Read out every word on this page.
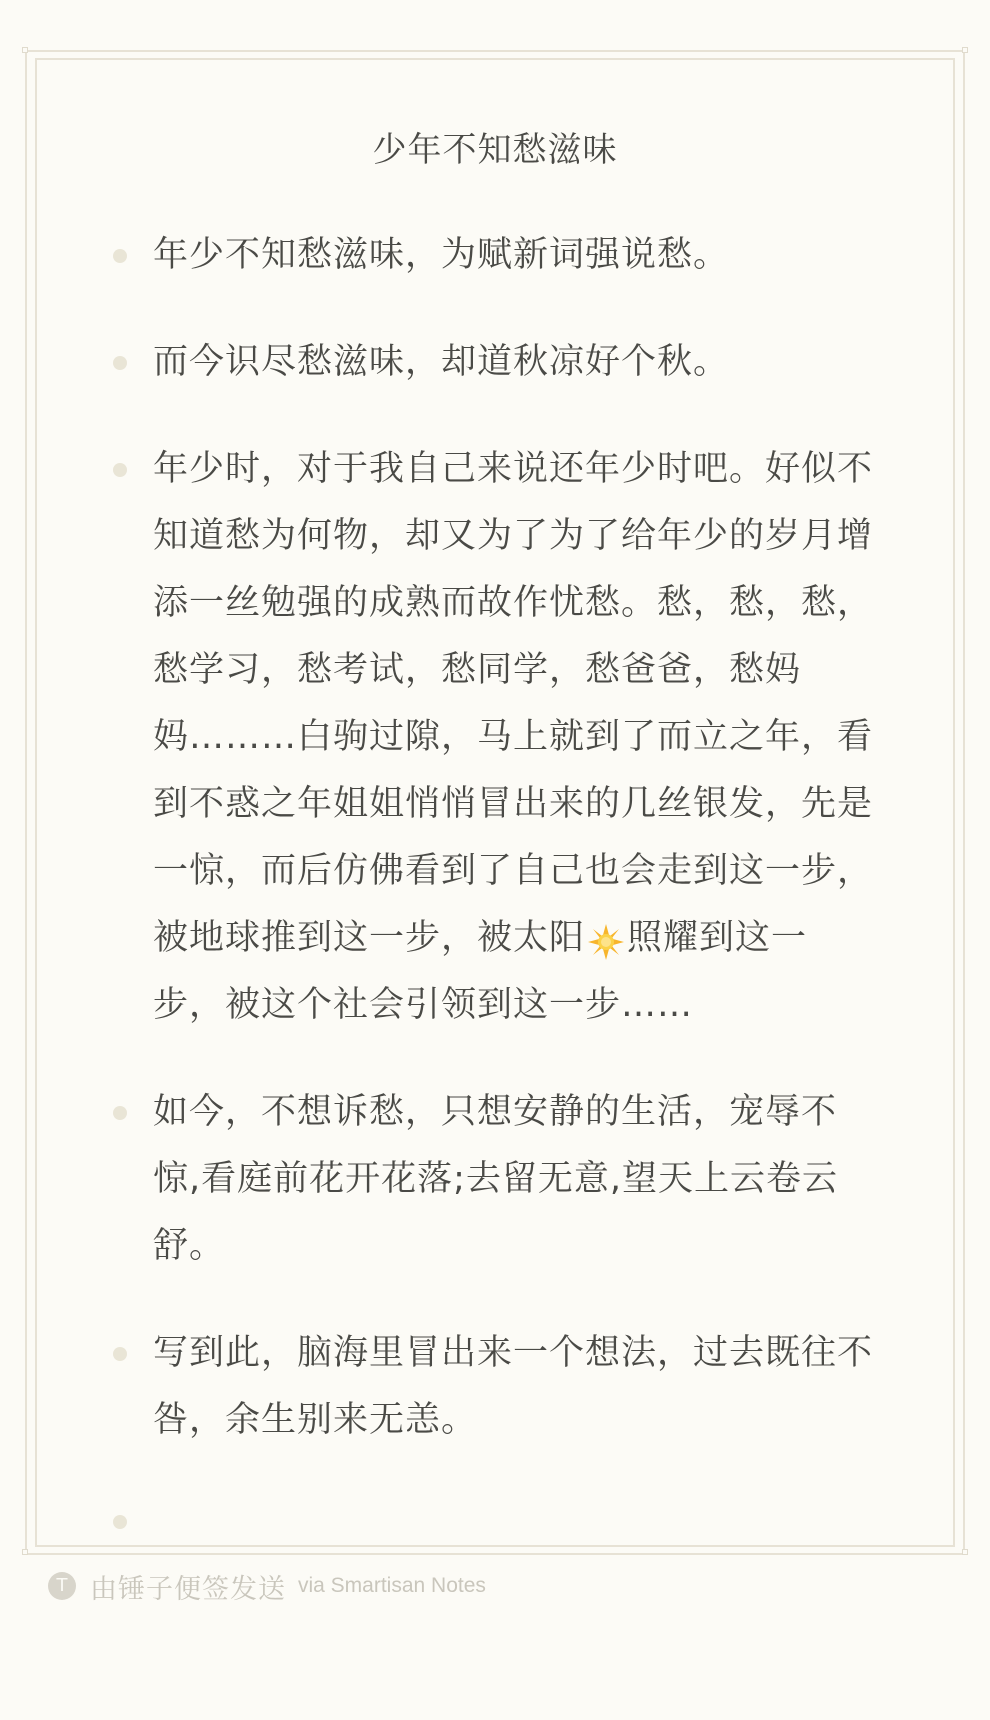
少年不知愁滋味
年少不知愁滋味，为赋新词强说愁。
而今识尽愁滋味，却道秋凉好个秋。
年少时，对于我自己来说还年少时吧。好似不知道愁为何物，却又为了为了给年少的岁月增添一丝勉强的成熟而故作忧愁。愁，愁，愁，愁学习，愁考试，愁同学，愁爸爸，愁妈妈………白驹过隙，马上就到了而立之年，看到不惑之年姐姐悄悄冒出来的几丝银发，先是一惊，而后仿佛看到了自己也会走到这一步，被地球推到这一步，被太阳 照耀到这一步，被这个社会引领到这一步……
如今，不想诉愁，只想安静的生活，宠辱不惊,看庭前花开花落;去留无意,望天上云卷云舒。
写到此，脑海里冒出来一个想法，过去既往不咎，余生别来无恙。
T 由锤子便签发送 via Smartisan Notes
